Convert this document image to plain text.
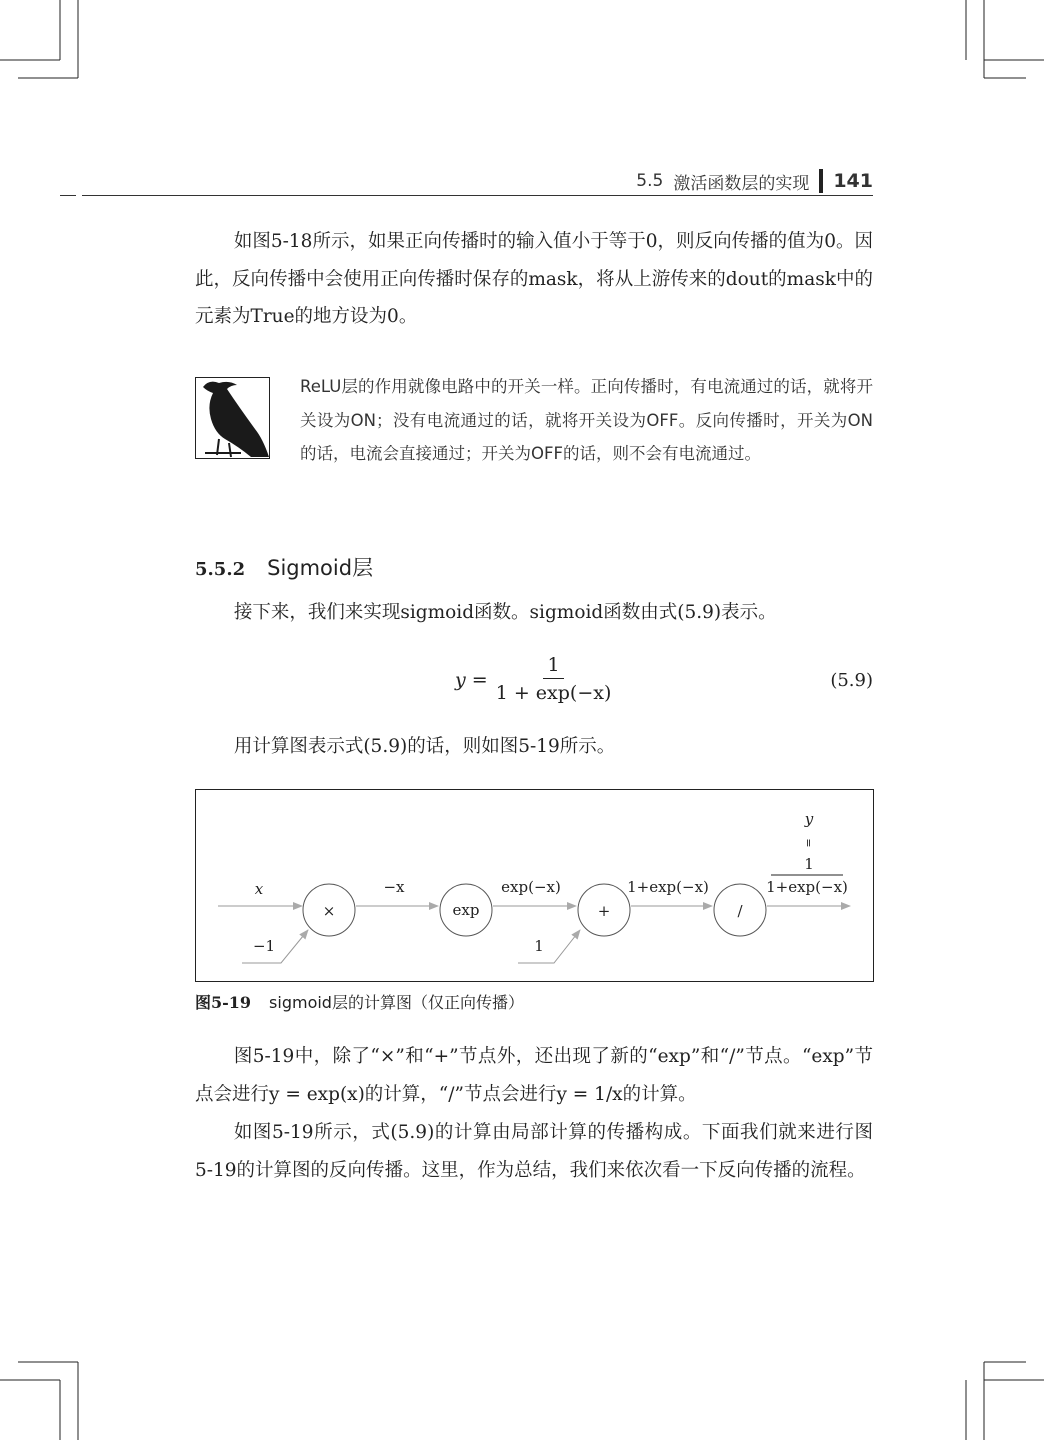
5.5 激活函数层的实现 141
如图5-18所示，如果正向传播时的输入值小于等于0，则反向传播的值为0。因此，反向传播中会使用正向传播时保存的mask，将从上游传来的dout的mask中的元素为True的地方设为0。
ReLU层的作用就像电路中的开关一样。正向传播时，有电流通过的话，就将开关设为ON；没有电流通过的话，就将开关设为OFF。反向传播时，开关为ON的话，电流会直接通过；开关为OFF的话，则不会有电流通过。
5.5.2 Sigmoid层
接下来，我们来实现sigmoid函数。sigmoid函数由式(5.9)表示。
$y = \frac{1}{1 + \exp(-x)}$	(5.9)
用计算图表示式(5.9)的话，则如图5-19所示。
×	exp	+	/
x	−x	exp(−x)	1+exp(−x)
−1	1
y
=
1
1+exp(−x)
图5-19 sigmoid层的计算图（仅正向传播）
图5-19中，除了“×”和“+”节点外，还出现了新的“exp”和“/”节点。“exp”节点会进行y = exp(x)的计算，“/”节点会进行y = 1/x的计算。
如图5-19所示，式(5.9)的计算由局部计算的传播构成。下面我们就来进行图5-19的计算图的反向传播。这里，作为总结，我们来依次看一下反向传播的流程。
